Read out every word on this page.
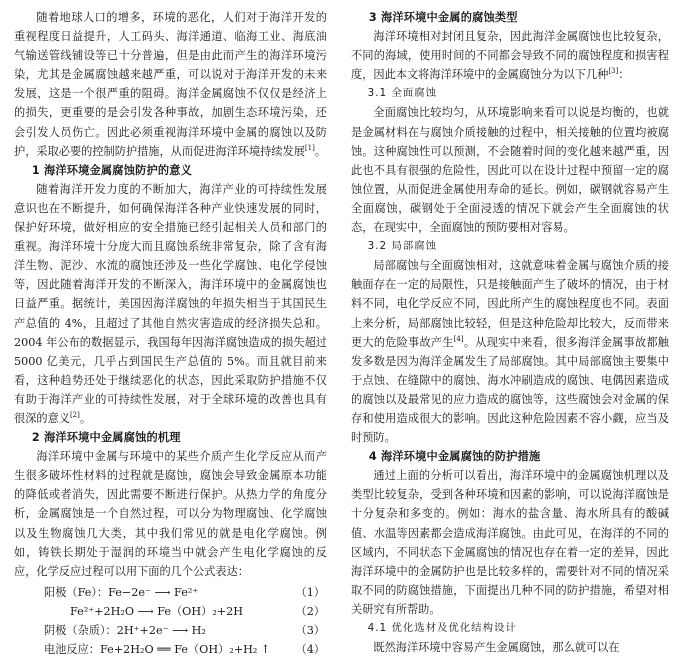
随着地球人口的增多，环境的恶化，人们对于海洋开发的重视程度日益提升，人工码头、海洋通道、临海工业、海底油气输送管线铺设等已十分普遍，但是由此而产生的海洋环境污染，尤其是金属腐蚀越来越严重，可以说对于海洋开发的未来发展，这是一个很严重的阻碍。海洋金属腐蚀不仅仅是经济上的损失，更重要的是会引发各种事故，加剧生态环境污染，还会引发人员伤亡。因此必须重视海洋环境中金属的腐蚀以及防护，采取必要的控制防护措施，从而促进海洋环境持续发展[1]。

1 海洋环境金属腐蚀防护的意义

随着海洋开发力度的不断加大，海洋产业的可持续性发展意识也在不断提升，如何确保海洋各种产业快速发展的同时，保护好环境，做好相应的安全措施已经引起相关人员和部门的重视。海洋环境十分庞大而且腐蚀系统非常复杂，除了含有海洋生物、泥沙、水流的腐蚀还涉及一些化学腐蚀、电化学侵蚀等，因此随着海洋开发的不断深入，海洋环境中的金属腐蚀也日益严重。据统计，美国因海洋腐蚀的年损失相当于其国民生产总值的 4%，且超过了其他自然灾害造成的经济损失总和。2004 年公布的数据显示，我国每年因海洋腐蚀造成的损失超过 5000 亿美元，几乎占到国民生产总值的 5%。而且就目前来看，这种趋势还处于继续恶化的状态，因此采取防护措施不仅有助于海洋产业的可持续性发展，对于全球环境的改善也具有很深的意义[2]。

2 海洋环境中金属腐蚀的机理

海洋环境中金属与环境中的某些介质产生化学反应从而产生很多破坏性材料的过程就是腐蚀，腐蚀会导致金属原本功能的降低或者消失，因此需要不断进行保护。从热力学的角度分析，金属腐蚀是一个自然过程，可以分为物理腐蚀、化学腐蚀以及生物腐蚀几大类，其中我们常见的就是电化学腐蚀。例如，铸铁长期处于湿润的环境当中就会产生电化学腐蚀的反应，化学反应过程可以用下面的几个公式表达：

阳极（Fe）：Fe−2e⁻ ⟶ Fe²⁺	（1）
Fe²⁺+2H₂O ⟶ Fe（OH）₂+2H	（2）
阴极（杂质）：2H⁺+2e⁻ ⟶ H₂	（3）
电池反应：Fe+2H₂O ══ Fe（OH）₂+H₂ ↑ （4）
3 海洋环境中金属的腐蚀类型

海洋环境相对封闭且复杂，因此海洋金属腐蚀也比较复杂，不同的海域，使用时间的不同都会导致不同的腐蚀程度和损害程度，因此本文将海洋环境中的金属腐蚀分为以下几种[3]：

3.1 全面腐蚀

全面腐蚀比较均匀，从环境影响来看可以说是均衡的，也就是金属材料在与腐蚀介质接触的过程中，相关接触的位置均被腐蚀。这种腐蚀性可以预测，不会随着时间的变化越来越严重，因此也不具有很强的危险性，因此可以在设计过程中预留一定的腐蚀位置，从而促进金属使用寿命的延长。例如，碳钢就容易产生全面腐蚀，碳钢处于全面浸透的情况下就会产生全面腐蚀的状态，在现实中，全面腐蚀的预防要相对容易。

3.2 局部腐蚀

局部腐蚀与全面腐蚀相对，这就意味着金属与腐蚀介质的接触面存在一定的局限性，只是接触面产生了破坏的情况，由于材料不同，电化学反应不同，因此所产生的腐蚀程度也不同。表面上来分析，局部腐蚀比较轻，但是这种危险却比较大，反而带来更大的危险事故产生[4]。从现实中来看，很多海洋金属事故都触发多数是因为海洋金属发生了局部腐蚀。其中局部腐蚀主要集中于点蚀、在缝隙中的腐蚀、海水冲刷造成的腐蚀、电偶因素造成的腐蚀以及最常见的应力造成的腐蚀等，这些腐蚀会对金属的保存和使用造成很大的影响。因此这种危险因素不容小觑，应当及时预防。

4 海洋环境中金属腐蚀的防护措施

通过上面的分析可以看出，海洋环境中的金属腐蚀机理以及类型比较复杂，受到各种环境和因素的影响，可以说海洋腐蚀是十分复杂和多变的。例如：海水的盐含量、海水所具有的酸碱值、水温等因素都会造成海洋腐蚀。由此可见，在海洋的不同的区域内，不同状态下金属腐蚀的情况也存在着一定的差异，因此海洋环境中的金属防护也是比较多样的，需要针对不同的情况采取不同的防腐蚀措施，下面提出几种不同的防护措施，希望对相关研究有所帮助。

4.1 优化选材及优化结构设计

既然海洋环境中容易产生金属腐蚀，那么就可以在
